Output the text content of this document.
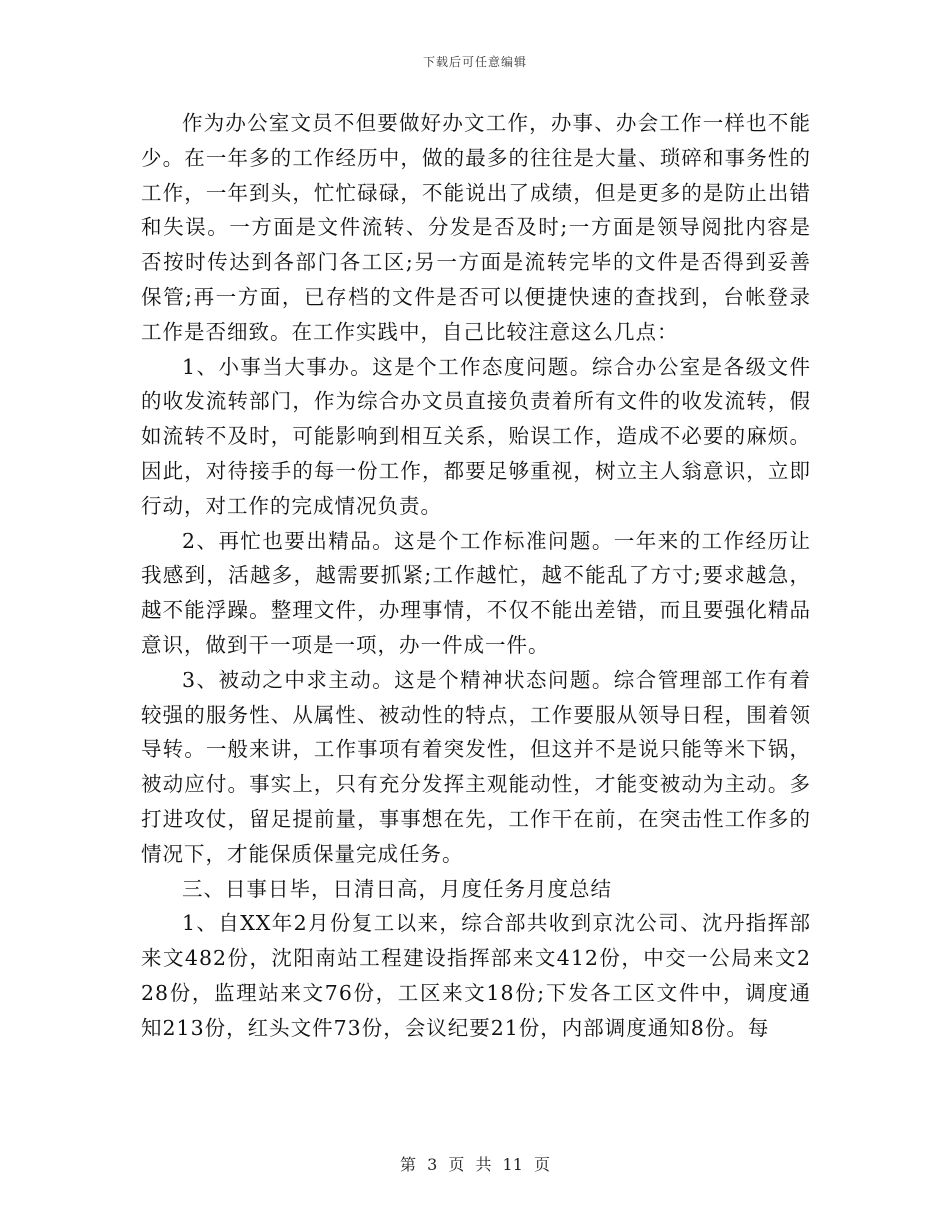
下载后可任意编辑

作为办公室文员不但要做好办文工作，办事、办会工作一样也不能少。在一年多的工作经历中，做的最多的往往是大量、琐碎和事务性的工作，一年到头，忙忙碌碌，不能说出了成绩，但是更多的是防止出错和失误。一方面是文件流转、分发是否及时;一方面是领导阅批内容是否按时传达到各部门各工区;另一方面是流转完毕的文件是否得到妥善保管;再一方面，已存档的文件是否可以便捷快速的查找到，台帐登录工作是否细致。在工作实践中，自己比较注意这么几点：

1、小事当大事办。这是个工作态度问题。综合办公室是各级文件的收发流转部门，作为综合办文员直接负责着所有文件的收发流转，假如流转不及时，可能影响到相互关系，贻误工作，造成不必要的麻烦。因此，对待接手的每一份工作，都要足够重视，树立主人翁意识，立即行动，对工作的完成情况负责。

2、再忙也要出精品。这是个工作标准问题。一年来的工作经历让我感到，活越多，越需要抓紧;工作越忙，越不能乱了方寸;要求越急，越不能浮躁。整理文件，办理事情，不仅不能出差错，而且要强化精品意识，做到干一项是一项，办一件成一件。

3、被动之中求主动。这是个精神状态问题。综合管理部工作有着较强的服务性、从属性、被动性的特点，工作要服从领导日程，围着领导转。一般来讲，工作事项有着突发性，但这并不是说只能等米下锅，被动应付。事实上，只有充分发挥主观能动性，才能变被动为主动。多打进攻仗，留足提前量，事事想在先，工作干在前，在突击性工作多的情况下，才能保质保量完成任务。

三、日事日毕，日清日高，月度任务月度总结

1、自XX年2月份复工以来，综合部共收到京沈公司、沈丹指挥部来文482份，沈阳南站工程建设指挥部来文412份，中交一公局来文228份，监理站来文76份，工区来文18份;下发各工区文件中，调度通知213份，红头文件73份，会议纪要21份，内部调度通知8份。每

第 3 页 共 11 页
